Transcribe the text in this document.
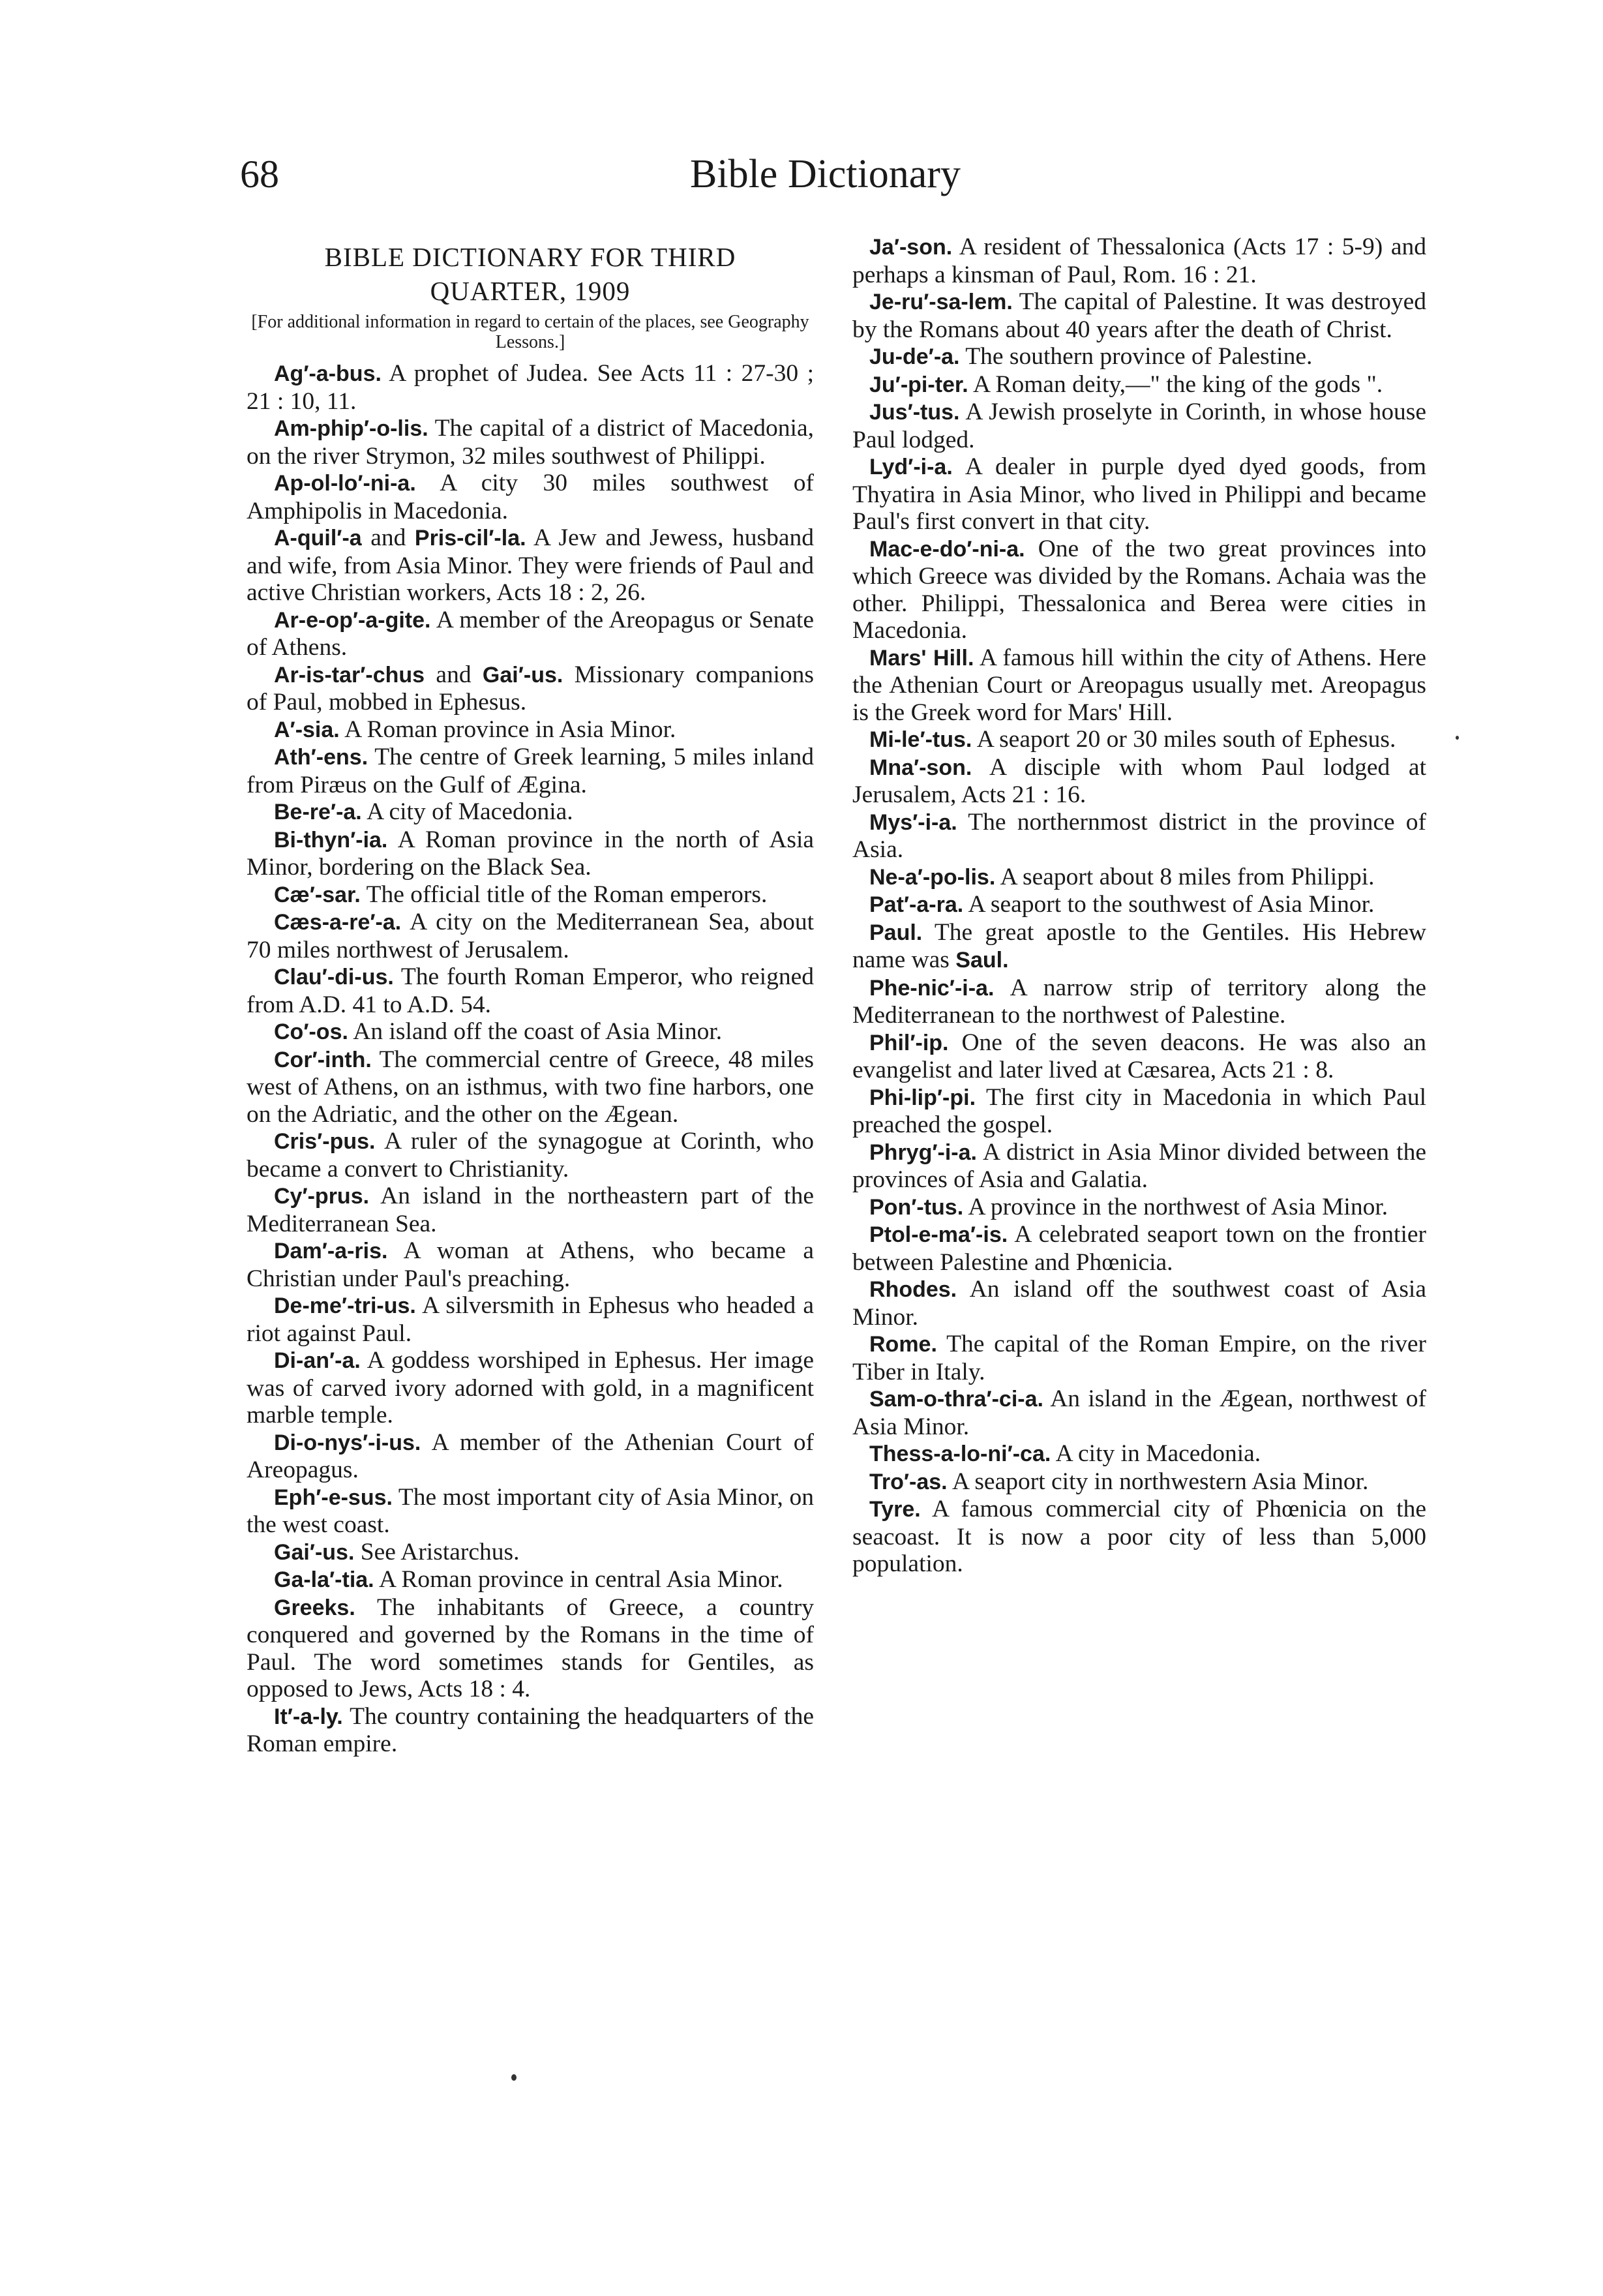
68	Bible Dictionary
BIBLE DICTIONARY FOR THIRD QUARTER, 1909
[For additional information in regard to certain of the places, see Geography Lessons.]

Ag′-a-bus. A prophet of Judea. See Acts 11 : 27-30 ; 21 : 10, 11.

Am-phip′-o-lis. The capital of a district of Macedonia, on the river Strymon, 32 miles southwest of Philippi.

Ap-ol-lo′-ni-a. A city 30 miles southwest of Amphipolis in Macedonia.

A-quil′-a and Pris-cil′-la. A Jew and Jewess, husband and wife, from Asia Minor. They were friends of Paul and active Christian workers, Acts 18 : 2, 26.

Ar-e-op′-a-gite. A member of the Areopagus or Senate of Athens.

Ar-is-tar′-chus and Gai′-us. Missionary companions of Paul, mobbed in Ephesus.

A′-sia. A Roman province in Asia Minor.

Ath′-ens. The centre of Greek learning, 5 miles inland from Piræus on the Gulf of Ægina.

Be-re′-a. A city of Macedonia.

Bi-thyn′-ia. A Roman province in the north of Asia Minor, bordering on the Black Sea.

Cæ′-sar. The official title of the Roman emperors.

Cæs-a-re′-a. A city on the Mediterranean Sea, about 70 miles northwest of Jerusalem.

Clau′-di-us. The fourth Roman Emperor, who reigned from A.D. 41 to A.D. 54.

Co′-os. An island off the coast of Asia Minor.

Cor′-inth. The commercial centre of Greece, 48 miles west of Athens, on an isthmus, with two fine harbors, one on the Adriatic, and the other on the Ægean.

Cris′-pus. A ruler of the synagogue at Corinth, who became a convert to Christianity.

Cy′-prus. An island in the northeastern part of the Mediterranean Sea.

Dam′-a-ris. A woman at Athens, who became a Christian under Paul's preaching.

De-me′-tri-us. A silversmith in Ephesus who headed a riot against Paul.

Di-an′-a. A goddess worshiped in Ephesus. Her image was of carved ivory adorned with gold, in a magnificent marble temple.

Di-o-nys′-i-us. A member of the Athenian Court of Areopagus.

Eph′-e-sus. The most important city of Asia Minor, on the west coast.

Gai′-us. See Aristarchus.

Ga-la′-tia. A Roman province in central Asia Minor.

Greeks. The inhabitants of Greece, a country conquered and governed by the Romans in the time of Paul. The word sometimes stands for Gentiles, as opposed to Jews, Acts 18 : 4.

It′-a-ly. The country containing the headquarters of the Roman empire.

Ja′-son. A resident of Thessalonica (Acts 17 : 5-9) and perhaps a kinsman of Paul, Rom. 16 : 21.

Je-ru′-sa-lem. The capital of Palestine. It was destroyed by the Romans about 40 years after the death of Christ.

Ju-de′-a. The southern province of Palestine.

Ju′-pi-ter. A Roman deity,—" the king of the gods ".

Jus′-tus. A Jewish proselyte in Corinth, in whose house Paul lodged.

Lyd′-i-a. A dealer in purple dyed dyed goods, from Thyatira in Asia Minor, who lived in Philippi and became Paul's first convert in that city.

Mac-e-do′-ni-a. One of the two great provinces into which Greece was divided by the Romans. Achaia was the other. Philippi, Thessalonica and Berea were cities in Macedonia.

Mars' Hill. A famous hill within the city of Athens. Here the Athenian Court or Areopagus usually met. Areopagus is the Greek word for Mars' Hill.

Mi-le′-tus. A seaport 20 or 30 miles south of Ephesus.

Mna′-son. A disciple with whom Paul lodged at Jerusalem, Acts 21 : 16.

Mys′-i-a. The northernmost district in the province of Asia.

Ne-a′-po-lis. A seaport about 8 miles from Philippi.

Pat′-a-ra. A seaport to the southwest of Asia Minor.

Paul. The great apostle to the Gentiles. His Hebrew name was Saul.

Phe-nic′-i-a. A narrow strip of territory along the Mediterranean to the northwest of Palestine.

Phil′-ip. One of the seven deacons. He was also an evangelist and later lived at Cæsarea, Acts 21 : 8.

Phi-lip′-pi. The first city in Macedonia in which Paul preached the gospel.

Phryg′-i-a. A district in Asia Minor divided between the provinces of Asia and Galatia.

Pon′-tus. A province in the northwest of Asia Minor.

Ptol-e-ma′-is. A celebrated seaport town on the frontier between Palestine and Phœnicia.

Rhodes. An island off the southwest coast of Asia Minor.

Rome. The capital of the Roman Empire, on the river Tiber in Italy.

Sam-o-thra′-ci-a. An island in the Ægean, northwest of Asia Minor.

Thess-a-lo-ni′-ca. A city in Macedonia.

Tro′-as. A seaport city in northwestern Asia Minor.

Tyre. A famous commercial city of Phœnicia on the seacoast. It is now a poor city of less than 5,000 population.
